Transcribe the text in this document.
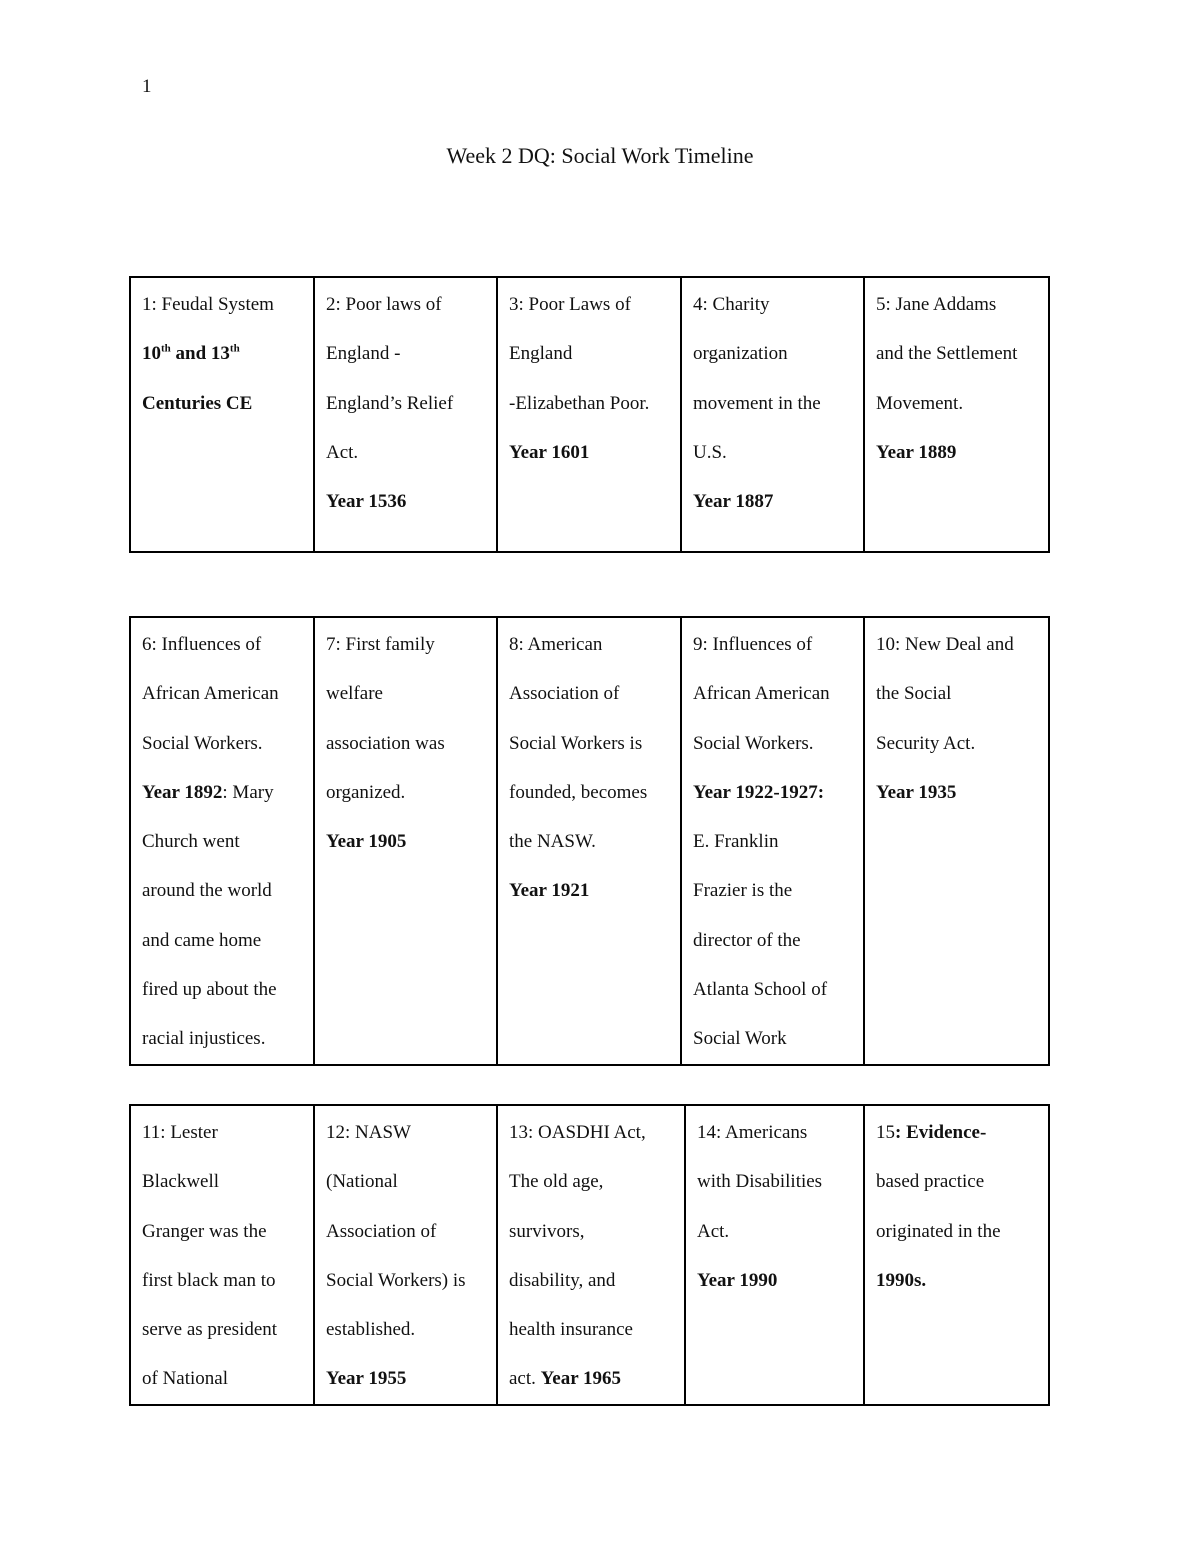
1
Week 2 DQ: Social Work Timeline
1: Feudal System
10th and 13th
Centuries CE

2: Poor laws of
England -
England’s Relief
Act.
Year 1536

3: Poor Laws of
England
-Elizabethan Poor.
Year 1601

4: Charity
organization
movement in the
U.S.
Year 1887

5: Jane Addams
and the Settlement
Movement.
Year 1889
6: Influences of
African American
Social Workers.
Year 1892: Mary
Church went
around the world
and came home
fired up about the
racial injustices.

7: First family
welfare
association was
organized.
Year 1905

8: American
Association of
Social Workers is
founded, becomes
the NASW.
Year 1921

9: Influences of
African American
Social Workers.
Year 1922-1927:
E. Franklin
Frazier is the
director of the
Atlanta School of
Social Work

10: New Deal and
the Social
Security Act.
Year 1935
11: Lester
Blackwell
Granger was the
first black man to
serve as president
of National

12: NASW
(National
Association of
Social Workers) is
established.
Year 1955

13: OASDHI Act,
The old age,
survivors,
disability, and
health insurance
act. Year 1965

14: Americans
with Disabilities
Act.
Year 1990

15: Evidence-
based practice
originated in the
1990s.
